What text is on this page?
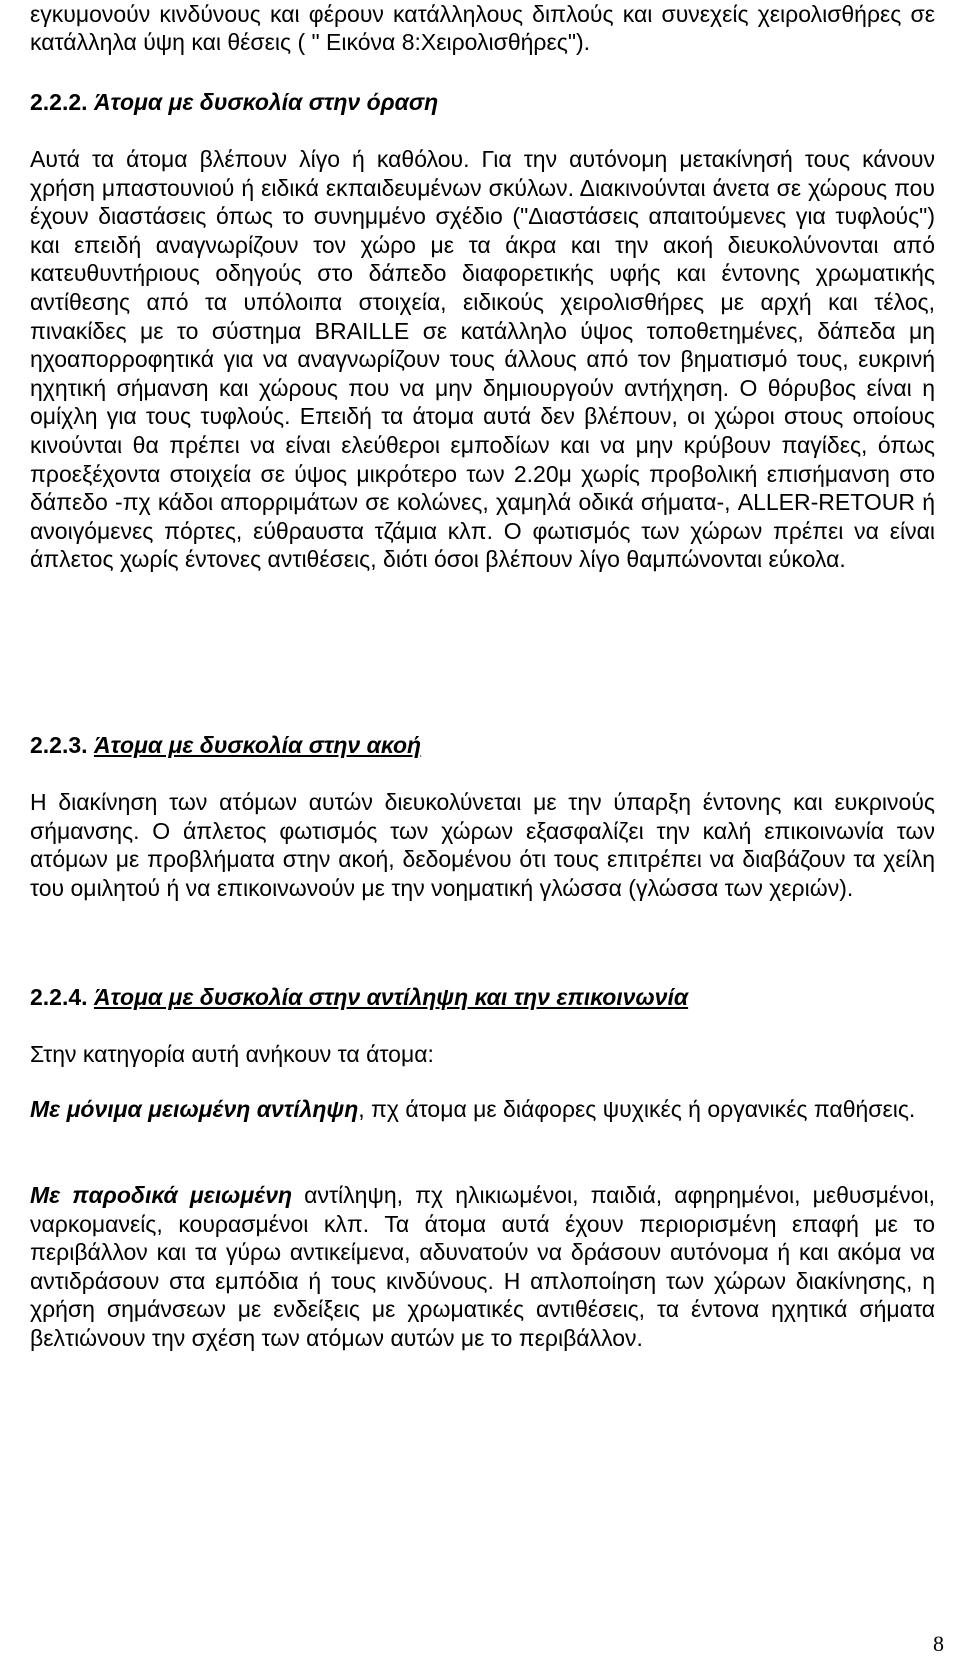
εγκυμονούν κινδύνους και φέρουν κατάλληλους διπλούς και συνεχείς χειρολισθήρες σε κατάλληλα ύψη και θέσεις ( " Εικόνα 8:Χειρολισθήρες").

2.2.2. Άτομα με δυσκολία στην όραση

Αυτά τα άτομα βλέπουν λίγο ή καθόλου. Για την αυτόνομη μετακίνησή τους κάνουν χρήση μπαστουνιού ή ειδικά εκπαιδευμένων σκύλων. Διακινούνται άνετα σε χώρους που έχουν διαστάσεις όπως το συνημμένο σχέδιο ("Διαστάσεις απαιτούμενες για τυφλούς") και επειδή αναγνωρίζουν τον χώρο με τα άκρα και την ακοή διευκολύνονται από κατευθυντήριους οδηγούς στο δάπεδο διαφορετικής υφής και έντονης χρωματικής αντίθεσης από τα υπόλοιπα στοιχεία, ειδικούς χειρολισθήρες με αρχή και τέλος, πινακίδες με το σύστημα BRAILLE σε κατάλληλο ύψος τοποθετημένες, δάπεδα μη ηχοαπορροφητικά για να αναγνωρίζουν τους άλλους από τον βηματισμό τους, ευκρινή ηχητική σήμανση και χώρους που να μην δημιουργούν αντήχηση. Ο θόρυβος είναι η ομίχλη για τους τυφλούς. Επειδή τα άτομα αυτά δεν βλέπουν, οι χώροι στους οποίους κινούνται θα πρέπει να είναι ελεύθεροι εμποδίων και να μην κρύβουν παγίδες, όπως προεξέχοντα στοιχεία σε ύψος μικρότερο των 2.20μ χωρίς προβολική επισήμανση στο δάπεδο -πχ κάδοι απορριμάτων σε κολώνες, χαμηλά οδικά σήματα-, ALLER-RETOUR ή ανοιγόμενες πόρτες, εύθραυστα τζάμια κλπ. Ο φωτισμός των χώρων πρέπει να είναι άπλετος χωρίς έντονες αντιθέσεις, διότι όσοι βλέπουν λίγο θαμπώνονται εύκολα.

2.2.3. Άτομα με δυσκολία στην ακοή

Η διακίνηση των ατόμων αυτών διευκολύνεται με την ύπαρξη έντονης και ευκρινούς σήμανσης. Ο άπλετος φωτισμός των χώρων εξασφαλίζει την καλή επικοινωνία των ατόμων με προβλήματα στην ακοή, δεδομένου ότι τους επιτρέπει να διαβάζουν τα χείλη του ομιλητού ή να επικοινωνούν με την νοηματική γλώσσα (γλώσσα των χεριών).

2.2.4. Άτομα με δυσκολία στην αντίληψη και την επικοινωνία

Στην κατηγορία αυτή ανήκουν τα άτομα:

Με μόνιμα μειωμένη αντίληψη, πχ άτομα με διάφορες ψυχικές ή οργανικές παθήσεις.

Με παροδικά μειωμένη αντίληψη, πχ ηλικιωμένοι, παιδιά, αφηρημένοι, μεθυσμένοι, ναρκομανείς, κουρασμένοι κλπ. Τα άτομα αυτά έχουν περιορισμένη επαφή με το περιβάλλον και τα γύρω αντικείμενα, αδυνατούν να δράσουν αυτόνομα ή και ακόμα να αντιδράσουν στα εμπόδια ή τους κινδύνους. Η απλοποίηση των χώρων διακίνησης, η χρήση σημάνσεων με ενδείξεις με χρωματικές αντιθέσεις, τα έντονα ηχητικά σήματα βελτιώνουν την σχέση των ατόμων αυτών με το περιβάλλον.

8
